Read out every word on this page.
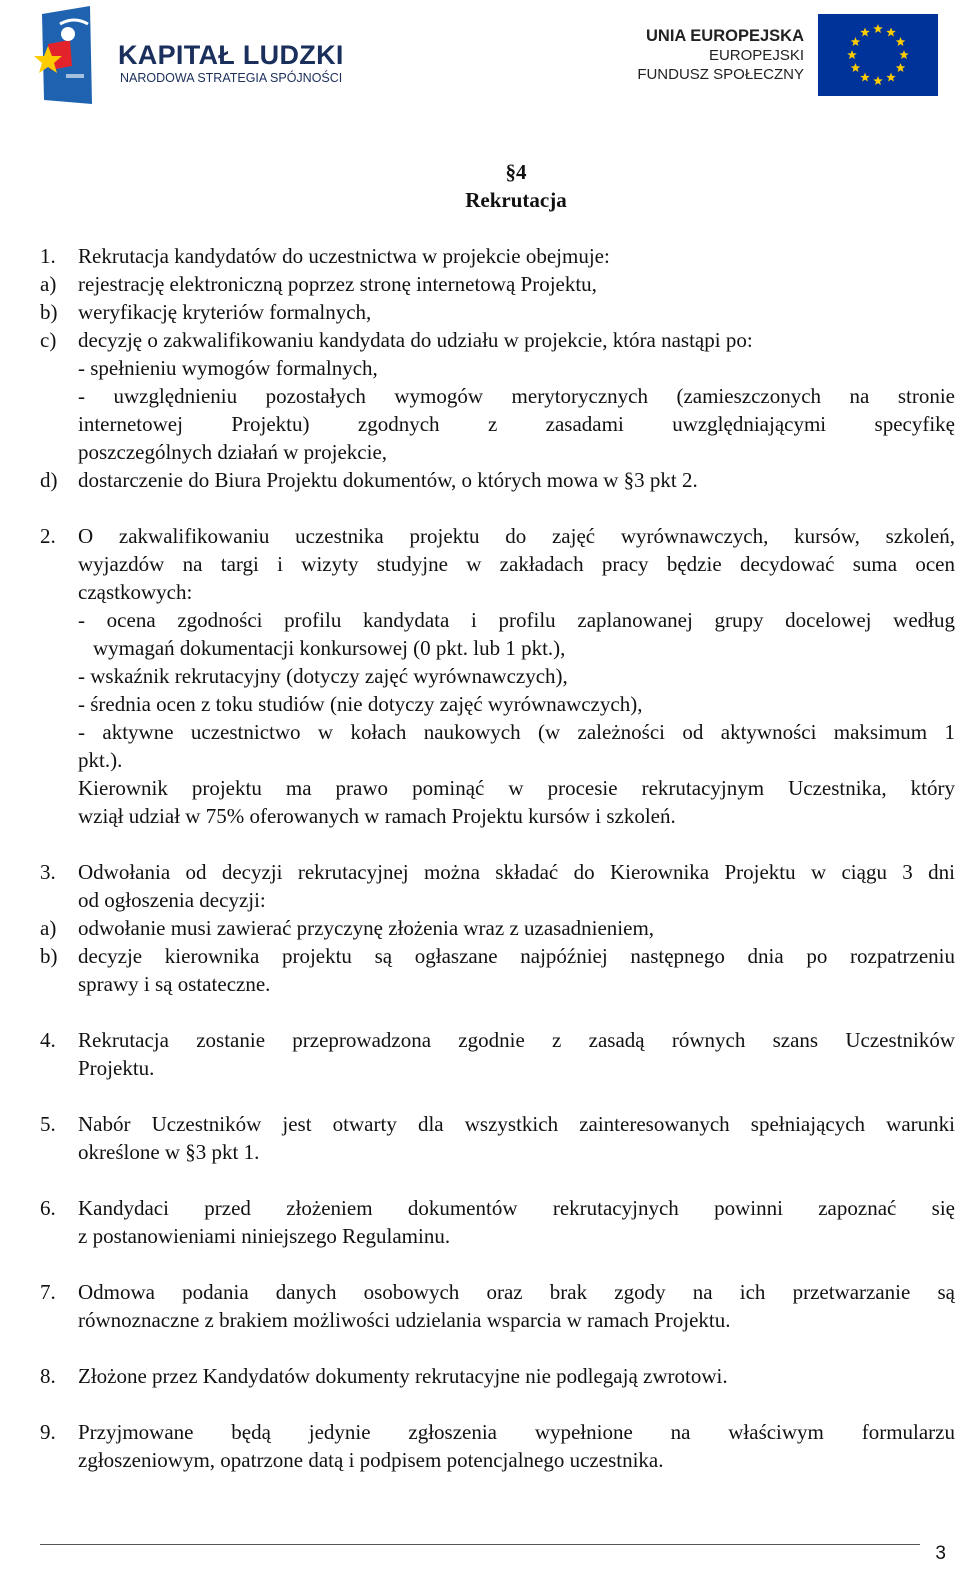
KAPITAŁ LUDZKI
NARODOWA STRATEGIA SPÓJNOŚCI
UNIA EUROPEJSKA
EUROPEJSKI
FUNDUSZ SPOŁECZNY
§4
Rekrutacja
1. Rekrutacja kandydatów do uczestnictwa w projekcie obejmuje:
a) rejestrację elektroniczną poprzez stronę internetową Projektu,
b) weryfikację kryteriów formalnych,
c) decyzję o zakwalifikowaniu kandydata do udziału w projekcie, która nastąpi po:
- spełnieniu wymogów formalnych,
- uwzględnieniu pozostałych wymogów merytorycznych (zamieszczonych na stronie
internetowej Projektu) zgodnych z zasadami uwzględniającymi specyfikę
poszczególnych działań w projekcie,
d) dostarczenie do Biura Projektu dokumentów, o których mowa w §3 pkt 2.
2. O zakwalifikowaniu uczestnika projektu do zajęć wyrównawczych, kursów, szkoleń,
wyjazdów na targi i wizyty studyjne w zakładach pracy będzie decydować suma ocen
cząstkowych:
- ocena zgodności profilu kandydata i profilu zaplanowanej grupy docelowej według
wymagań dokumentacji konkursowej (0 pkt. lub 1 pkt.),
- wskaźnik rekrutacyjny (dotyczy zajęć wyrównawczych),
- średnia ocen z toku studiów (nie dotyczy zajęć wyrównawczych),
- aktywne uczestnictwo w kołach naukowych (w zależności od aktywności maksimum 1
pkt.).
Kierownik projektu ma prawo pominąć w procesie rekrutacyjnym Uczestnika, który
wziął udział w 75% oferowanych w ramach Projektu kursów i szkoleń.
3. Odwołania od decyzji rekrutacyjnej można składać do Kierownika Projektu w ciągu 3 dni
od ogłoszenia decyzji:
a) odwołanie musi zawierać przyczynę złożenia wraz z uzasadnieniem,
b) decyzje kierownika projektu są ogłaszane najpóźniej następnego dnia po rozpatrzeniu
sprawy i są ostateczne.
4. Rekrutacja zostanie przeprowadzona zgodnie z zasadą równych szans Uczestników
Projektu.
5. Nabór Uczestników jest otwarty dla wszystkich zainteresowanych spełniających warunki
określone w §3 pkt 1.
6. Kandydaci przed złożeniem dokumentów rekrutacyjnych powinni zapoznać się
z postanowieniami niniejszego Regulaminu.
7. Odmowa podania danych osobowych oraz brak zgody na ich przetwarzanie są
równoznaczne z brakiem możliwości udzielania wsparcia w ramach Projektu.
8. Złożone przez Kandydatów dokumenty rekrutacyjne nie podlegają zwrotowi.
9. Przyjmowane będą jedynie zgłoszenia wypełnione na właściwym formularzu
zgłoszeniowym, opatrzone datą i podpisem potencjalnego uczestnika.
3
